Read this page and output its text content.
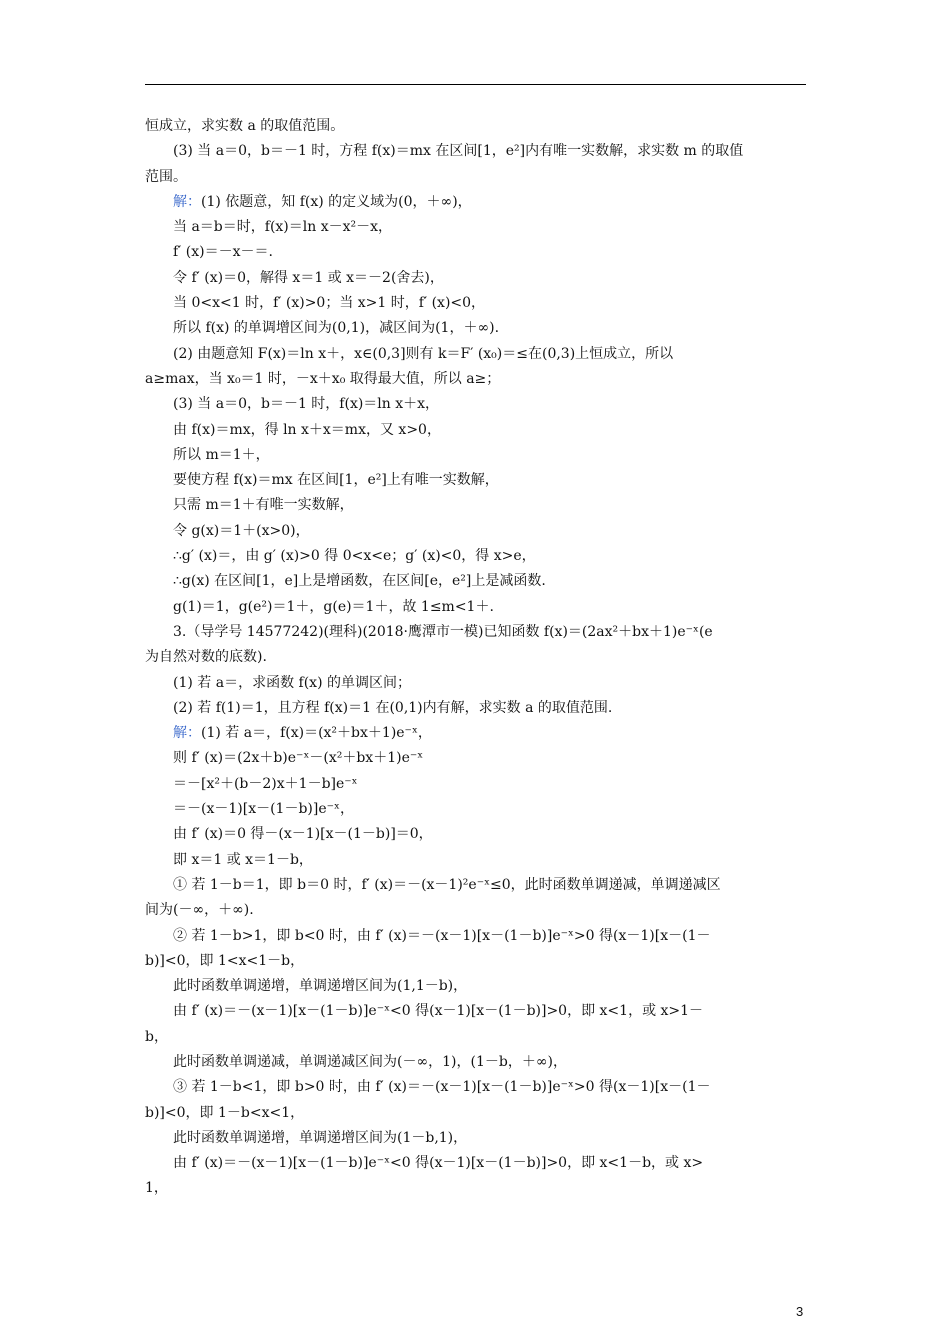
恒成立，求实数 a 的取值范围。
(3) 当 a＝0，b＝－1 时，方程 f(x)＝mx 在区间[1，e²]内有唯一实数解，求实数 m 的取值
范围。
解：(1) 依题意，知 f(x) 的定义域为(0，＋∞)，
当 a＝b＝时，f(x)＝ln x－x²－x，
f′ (x)＝－x－＝.
令 f′ (x)＝0，解得 x＝1 或 x＝－2(舍去)，
当 0<x<1 时，f′ (x)>0；当 x>1 时，f′ (x)<0，
所以 f(x) 的单调增区间为(0,1)，减区间为(1，＋∞).
(2) 由题意知 F(x)＝ln x＋，x∈(0,3]则有 k＝F′ (x₀)＝≤在(0,3)上恒成立，所以
a≥max，当 x₀＝1 时，－x＋x₀ 取得最大值，所以 a≥；
(3) 当 a＝0，b＝－1 时，f(x)＝ln x＋x，
由 f(x)＝mx，得 ln x＋x＝mx，又 x>0，
所以 m＝1＋，
要使方程 f(x)＝mx 在区间[1，e²]上有唯一实数解，
只需 m＝1＋有唯一实数解，
令 g(x)＝1＋(x>0)，
∴g′ (x)＝，由 g′ (x)>0 得 0<x<e；g′ (x)<0，得 x>e，
∴g(x) 在区间[1，e]上是增函数，在区间[e，e²]上是减函数.
g(1)＝1，g(e²)＝1＋，g(e)＝1＋，故 1≤m<1＋.
3.（导学号 14577242)(理科)(2018·鹰潭市一模)已知函数 f(x)＝(2ax²＋bx＋1)e⁻ˣ(e
为自然对数的底数).
(1) 若 a＝，求函数 f(x) 的单调区间；
(2) 若 f(1)＝1，且方程 f(x)＝1 在(0,1)内有解，求实数 a 的取值范围.
解：(1) 若 a＝，f(x)＝(x²＋bx＋1)e⁻ˣ，
则 f′ (x)＝(2x＋b)e⁻ˣ－(x²＋bx＋1)e⁻ˣ
＝－[x²＋(b－2)x＋1－b]e⁻ˣ
＝－(x－1)[x－(1－b)]e⁻ˣ，
由 f′ (x)＝0 得－(x－1)[x－(1－b)]＝0，
即 x＝1 或 x＝1－b，
① 若 1－b＝1，即 b＝0 时，f′ (x)＝－(x－1)²e⁻ˣ≤0，此时函数单调递减，单调递减区
间为(－∞，＋∞).
② 若 1－b>1，即 b<0 时，由 f′ (x)＝－(x－1)[x－(1－b)]e⁻ˣ>0 得(x－1)[x－(1－
b)]<0，即 1<x<1－b，
此时函数单调递增，单调递增区间为(1,1－b)，
由 f′ (x)＝－(x－1)[x－(1－b)]e⁻ˣ<0 得(x－1)[x－(1－b)]>0，即 x<1，或 x>1－
b，
此时函数单调递减，单调递减区间为(－∞，1)，(1－b，＋∞)，
③ 若 1－b<1，即 b>0 时，由 f′ (x)＝－(x－1)[x－(1－b)]e⁻ˣ>0 得(x－1)[x－(1－
b)]<0，即 1－b<x<1，
此时函数单调递增，单调递增区间为(1－b,1)，
由 f′ (x)＝－(x－1)[x－(1－b)]e⁻ˣ<0 得(x－1)[x－(1－b)]>0，即 x<1－b，或 x>
1，
3
